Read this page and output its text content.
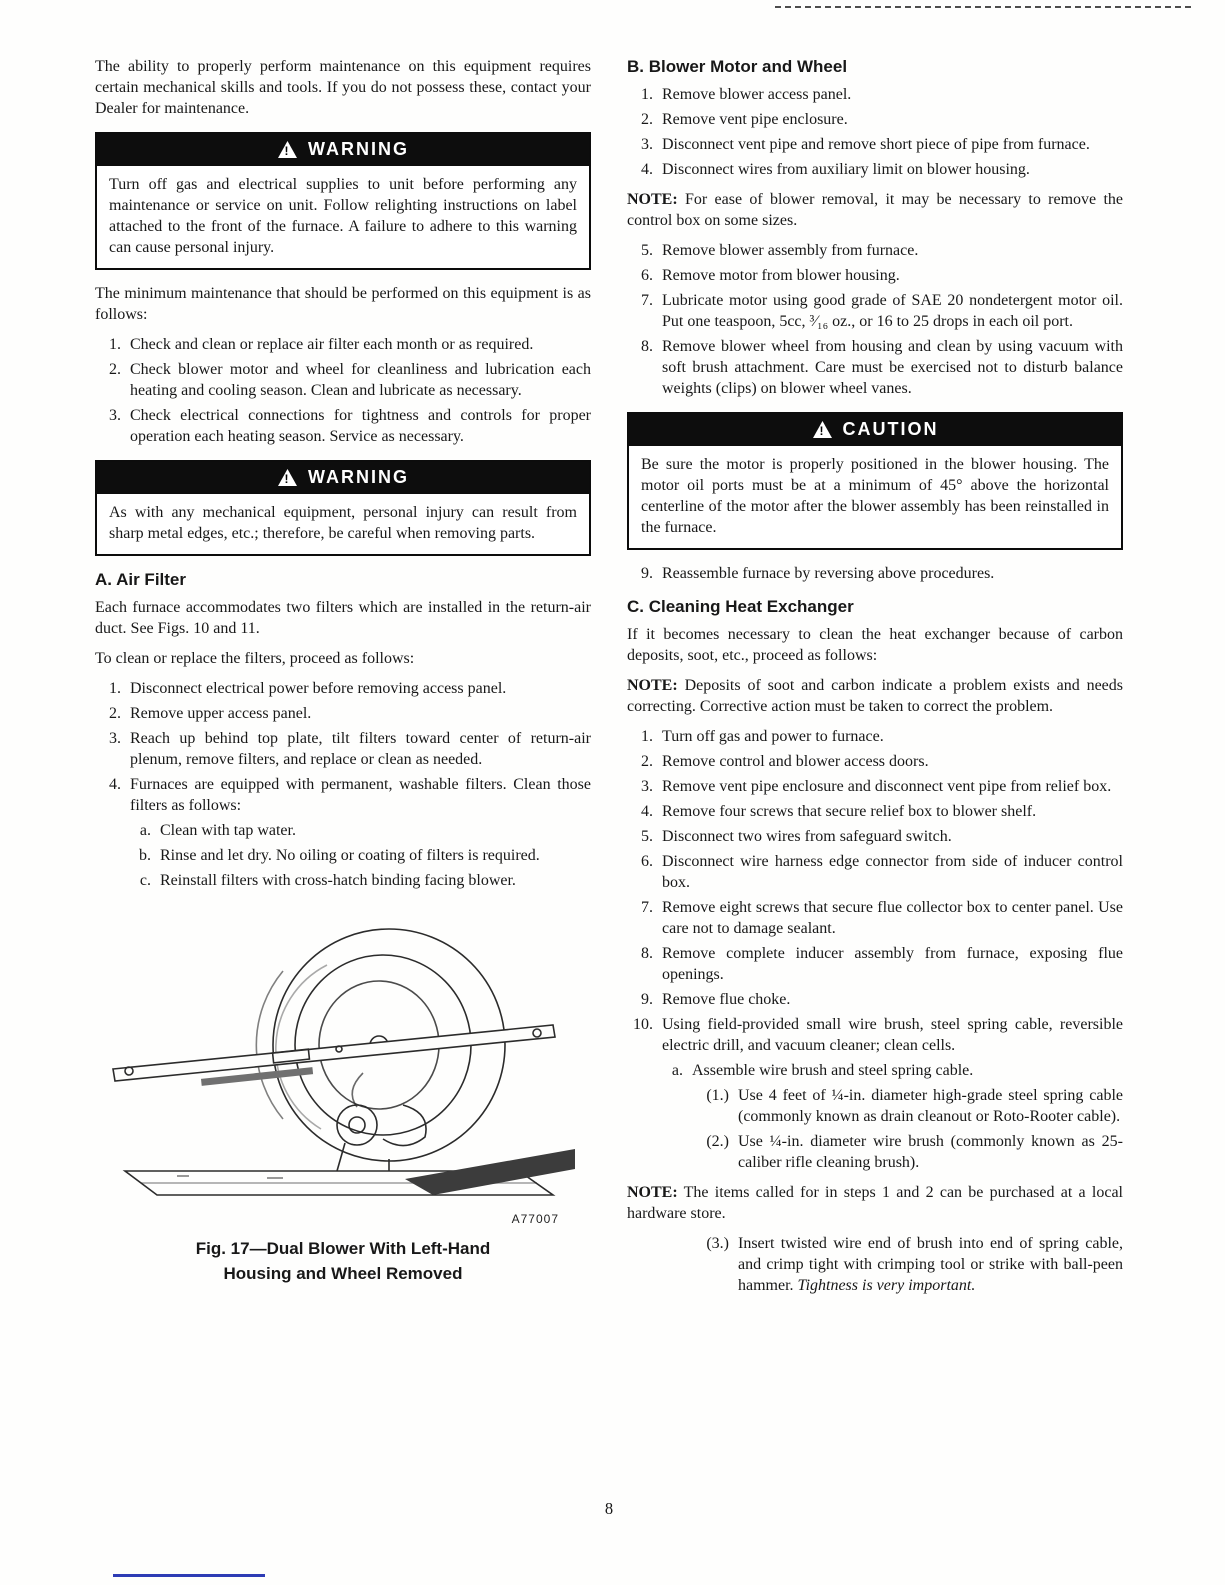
The ability to properly perform maintenance on this equipment requires certain mechanical skills and tools. If you do not possess these, contact your Dealer for maintenance.

! WARNING
Turn off gas and electrical supplies to unit before performing any maintenance or service on unit. Follow relighting instructions on label attached to the front of the furnace. A failure to adhere to this warning can cause personal injury.

The minimum maintenance that should be performed on this equipment is as follows:

1. Check and clean or replace air filter each month or as required.
2. Check blower motor and wheel for cleanliness and lubrication each heating and cooling season. Clean and lubricate as necessary.
3. Check electrical connections for tightness and controls for proper operation each heating season. Service as necessary.
! WARNING
As with any mechanical equipment, personal injury can result from sharp metal edges, etc.; therefore, be careful when removing parts.
A. Air Filter

Each furnace accommodates two filters which are installed in the return-air duct. See Figs. 10 and 11.

To clean or replace the filters, proceed as follows:

1. Disconnect electrical power before removing access panel.
2. Remove upper access panel.
3. Reach up behind top plate, tilt filters toward center of return-air plenum, remove filters, and replace or clean as needed.
4. Furnaces are equipped with permanent, washable filters. Clean those filters as follows:
a. Clean with tap water.
b. Rinse and let dry. No oiling or coating of filters is required.
c. Reinstall filters with cross-hatch binding facing blower.
A77007
Fig. 17—Dual Blower With Left-Hand
Housing and Wheel Removed
B. Blower Motor and Wheel
1. Remove blower access panel.
2. Remove vent pipe enclosure.
3. Disconnect vent pipe and remove short piece of pipe from furnace.
4. Disconnect wires from auxiliary limit on blower housing.

NOTE: For ease of blower removal, it may be necessary to remove the control box on some sizes.

5. Remove blower assembly from furnace.
6. Remove motor from blower housing.
7. Lubricate motor using good grade of SAE 20 nondetergent motor oil. Put one teaspoon, 5cc, ³⁄₁₆ oz., or 16 to 25 drops in each oil port.
8. Remove blower wheel from housing and clean by using vacuum with soft brush attachment. Care must be exercised not to disturb balance weights (clips) on blower wheel vanes.
! CAUTION
Be sure the motor is properly positioned in the blower housing. The motor oil ports must be at a minimum of 45° above the horizontal centerline of the motor after the blower assembly has been reinstalled in the furnace.
9. Reassemble furnace by reversing above procedures.
C. Cleaning Heat Exchanger

If it becomes necessary to clean the heat exchanger because of carbon deposits, soot, etc., proceed as follows:

NOTE: Deposits of soot and carbon indicate a problem exists and needs correcting. Corrective action must be taken to correct the problem.

1. Turn off gas and power to furnace.
2. Remove control and blower access doors.
3. Remove vent pipe enclosure and disconnect vent pipe from relief box.
4. Remove four screws that secure relief box to blower shelf.
5. Disconnect two wires from safeguard switch.
6. Disconnect wire harness edge connector from side of inducer control box.
7. Remove eight screws that secure flue collector box to center panel. Use care not to damage sealant.
8. Remove complete inducer assembly from furnace, exposing flue openings.
9. Remove flue choke.
10. Using field-provided small wire brush, steel spring cable, reversible electric drill, and vacuum cleaner; clean cells.
a. Assemble wire brush and steel spring cable.
(1.) Use 4 feet of ¼-in. diameter high-grade steel spring cable (commonly known as drain cleanout or Roto-Rooter cable).
(2.) Use ¼-in. diameter wire brush (commonly known as 25-caliber rifle cleaning brush).

NOTE: The items called for in steps 1 and 2 can be purchased at a local hardware store.

(3.) Insert twisted wire end of brush into end of spring cable, and crimp tight with crimping tool or strike with ball-peen hammer. Tightness is very important.
8
